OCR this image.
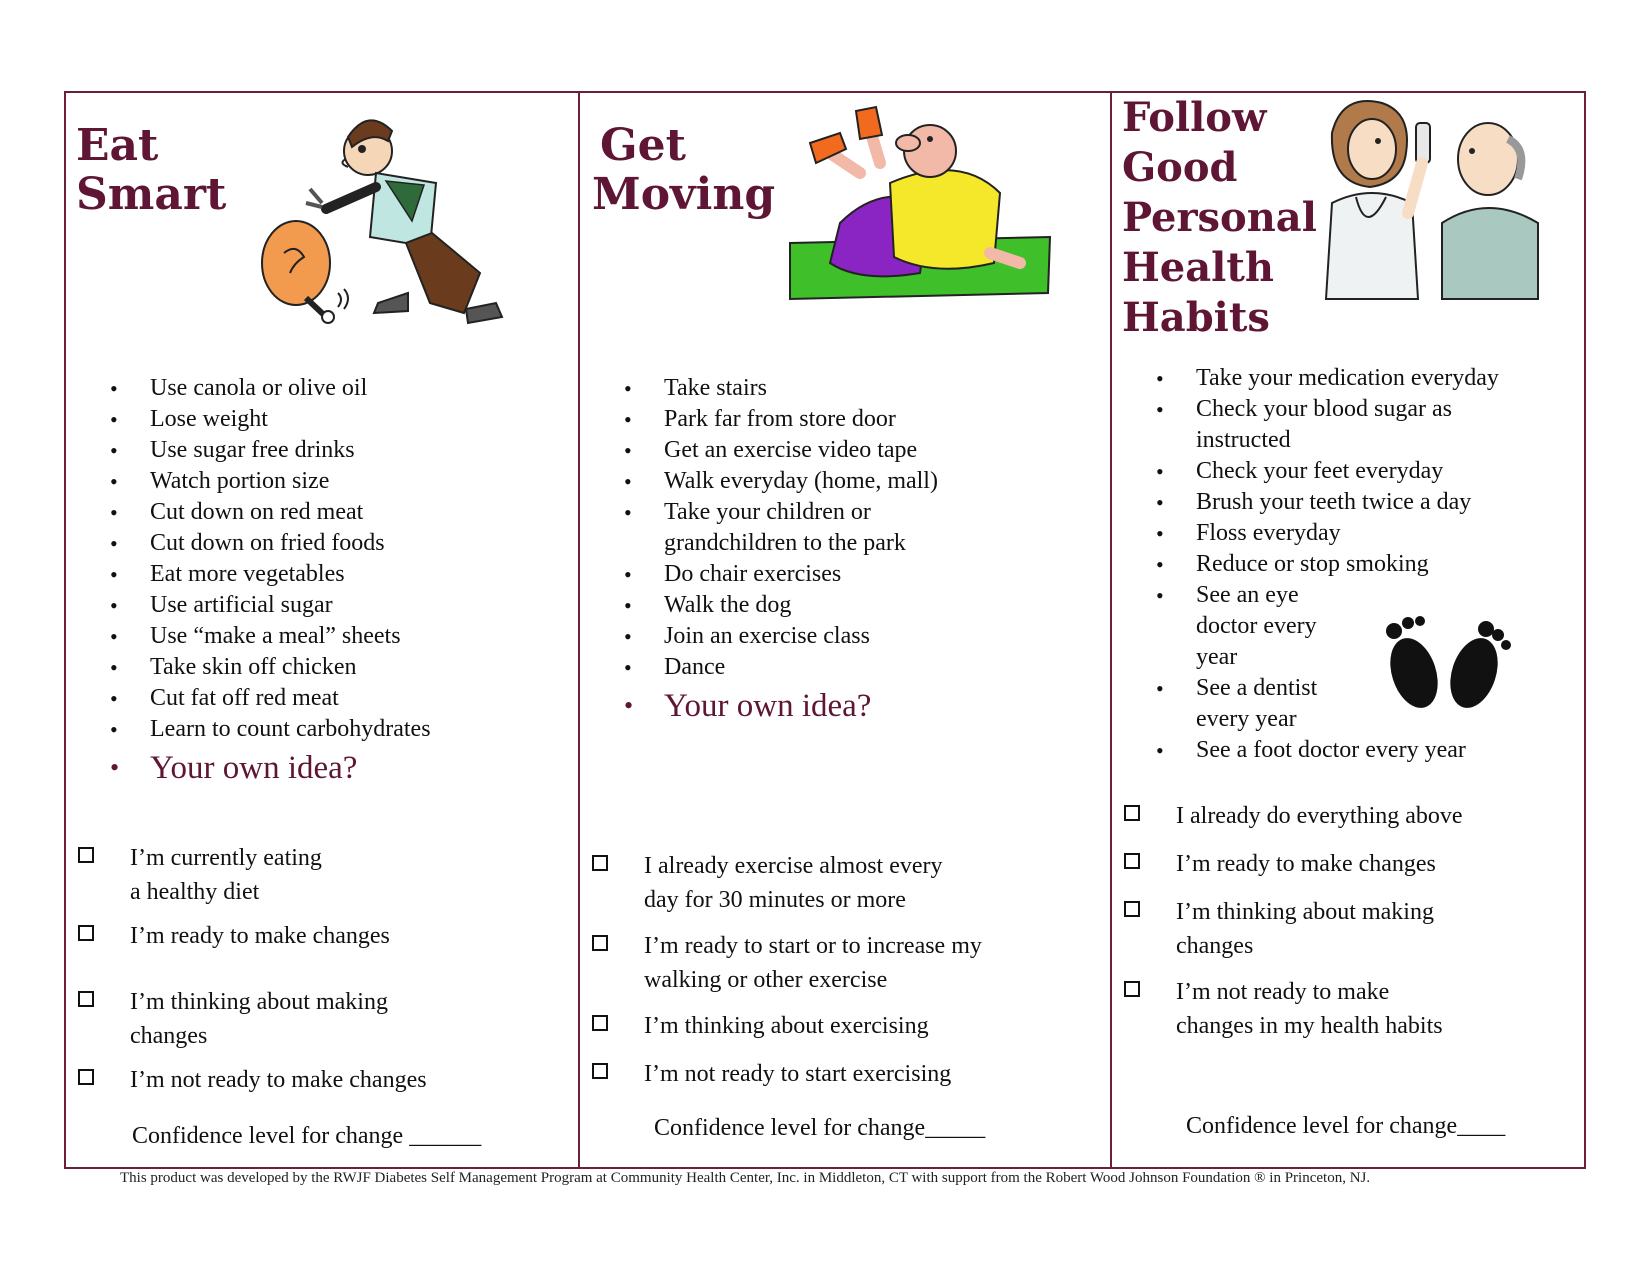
Eat
Smart
• Use canola or olive oil
• Lose weight
• Use sugar free drinks
• Watch portion size
• Cut down on red meat
• Cut down on fried foods
• Eat more vegetables
• Use artificial sugar
• Use “make a meal” sheets
• Take skin off chicken
• Cut fat off red meat
• Learn to count carbohydrates
• Your own idea?
I’m currently eating
a healthy diet
I’m ready to make changes
I’m thinking about making
changes
I’m not ready to make changes
Confidence level for change ______
Get
Moving
• Take stairs
• Park far from store door
• Get an exercise video tape
• Walk everyday (home, mall)
• Take your children or grandchildren to the park
• Do chair exercises
• Walk the dog
• Join an exercise class
• Dance
• Your own idea?
I already exercise almost every
day for 30 minutes or more
I’m ready to start or to increase my
walking or other exercise
I’m thinking about exercising
I’m not ready to start exercising
Confidence level for change_____
Follow
Good
Personal
Health
Habits
• Take your medication everyday
• Check your blood sugar as instructed
• Check your feet everyday
• Brush your teeth twice a day
• Floss everyday
• Reduce or stop smoking
• See an eye doctor every year
• See a dentist every year
• See a foot doctor every year
I already do everything above
I’m ready to make changes
I’m thinking about making
changes
I’m not ready to make
changes in my health habits
Confidence level for change____
This product was developed by the RWJF Diabetes Self Management Program at Community Health Center, Inc. in Middleton, CT with support from the Robert Wood Johnson Foundation ® in Princeton, NJ.
